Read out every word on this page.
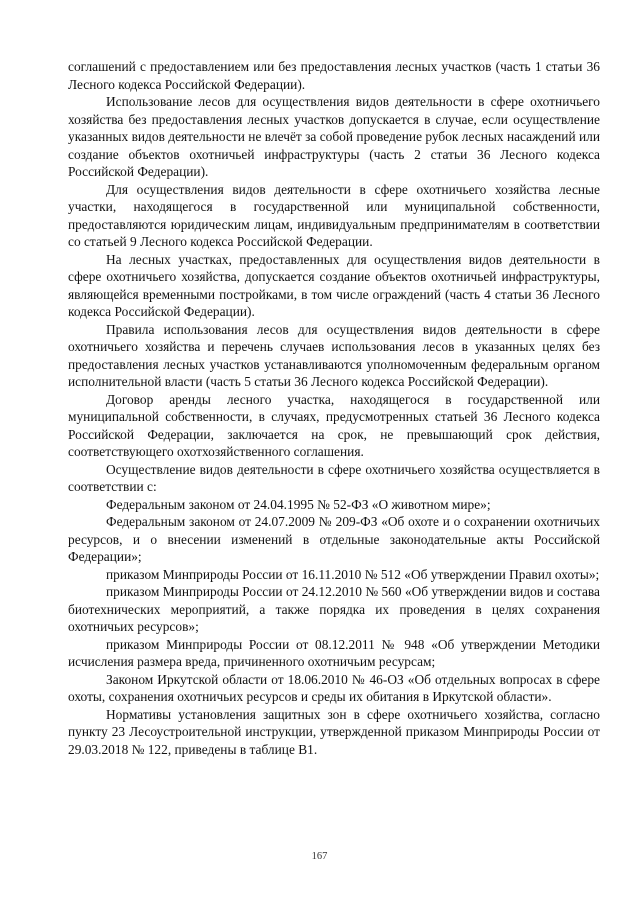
соглашений с предоставлением или без предоставления лесных участков (часть 1 статьи 36 Лесного кодекса Российской Федерации).

Использование лесов для осуществления видов деятельности в сфере охотничьего хозяйства без предоставления лесных участков допускается в случае, если осуществление указанных видов деятельности не влечёт за собой проведение рубок лесных насаждений или создание объектов охотничьей инфраструктуры (часть 2 статьи 36 Лесного кодекса Российской Федерации).

Для осуществления видов деятельности в сфере охотничьего хозяйства лесные участки, находящегося в государственной или муниципальной собственности, предоставляются юридическим лицам, индивидуальным предпринимателям в соответствии со статьей 9 Лесного кодекса Российской Федерации.

На лесных участках, предоставленных для осуществления видов деятельности в сфере охотничьего хозяйства, допускается создание объектов охотничьей инфраструктуры, являющейся временными постройками, в том числе ограждений (часть 4 статьи 36 Лесного кодекса Российской Федерации).

Правила использования лесов для осуществления видов деятельности в сфере охотничьего хозяйства и перечень случаев использования лесов в указанных целях без предоставления лесных участков устанавливаются уполномоченным федеральным органом исполнительной власти (часть 5 статьи 36 Лесного кодекса Российской Федерации).

Договор аренды лесного участка, находящегося в государственной или муниципальной собственности, в случаях, предусмотренных статьей 36 Лесного кодекса Российской Федерации, заключается на срок, не превышающий срок действия, соответствующего охотхозяйственного соглашения.

Осуществление видов деятельности в сфере охотничьего хозяйства осуществляется в соответствии с:

Федеральным законом от 24.04.1995 № 52-ФЗ «О животном мире»;

Федеральным законом от 24.07.2009 № 209-ФЗ «Об охоте и о сохранении охотничьих ресурсов, и о внесении изменений в отдельные законодательные акты Российской Федерации»;

приказом Минприроды России от 16.11.2010 № 512 «Об утверждении Правил охоты»;

приказом Минприроды России от 24.12.2010 № 560 «Об утверждении видов и состава биотехнических мероприятий, а также порядка их проведения в целях сохранения охотничьих ресурсов»;

приказом Минприроды России от 08.12.2011 № 948 «Об утверждении Методики исчисления размера вреда, причиненного охотничьим ресурсам;

Законом Иркутской области от 18.06.2010 № 46-ОЗ «Об отдельных вопросах в сфере охоты, сохранения охотничьих ресурсов и среды их обитания в Иркутской области».

Нормативы установления защитных зон в сфере охотничьего хозяйства, согласно пункту 23 Лесоустроительной инструкции, утвержденной приказом Минприроды России от 29.03.2018 № 122, приведены в таблице В1.

167
